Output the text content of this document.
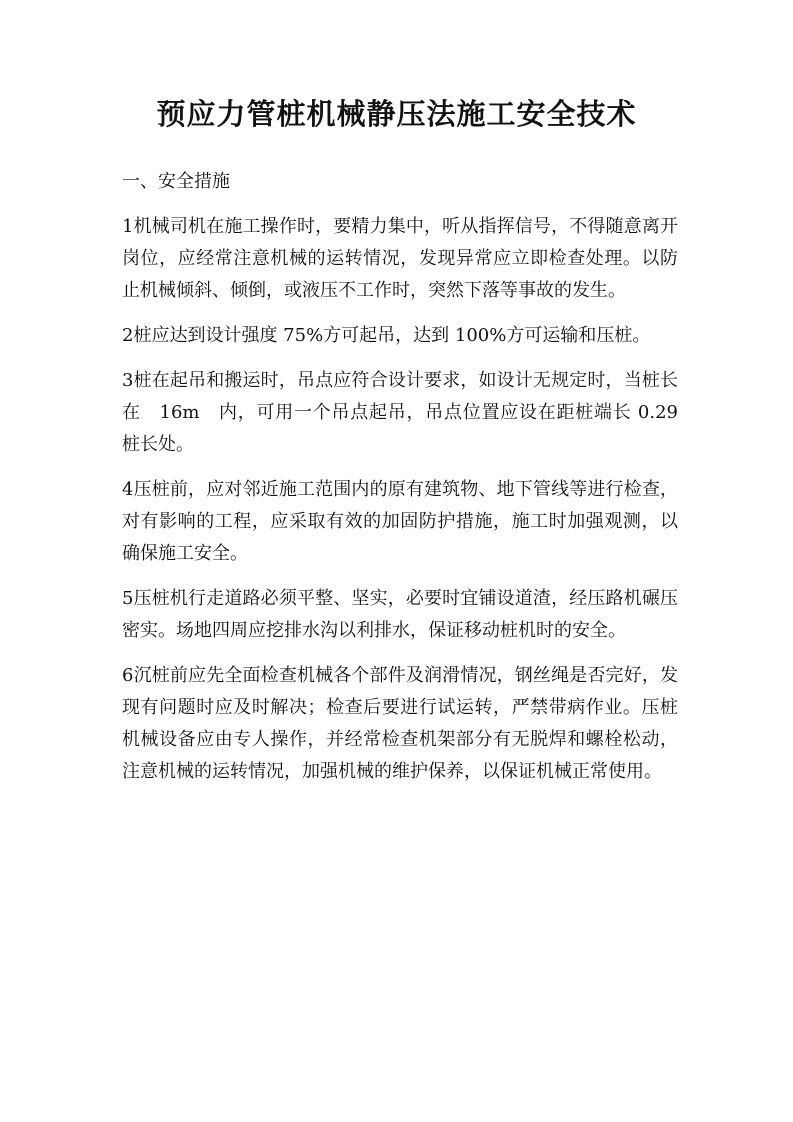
预应力管桩机械静压法施工安全技术

一、安全措施

1机械司机在施工操作时，要精力集中，听从指挥信号，不得随意离开岗位，应经常注意机械的运转情况，发现异常应立即检查处理。以防止机械倾斜、倾倒，或液压不工作时，突然下落等事故的发生。

2桩应达到设计强度 75%方可起吊，达到 100%方可运输和压桩。

3桩在起吊和搬运时，吊点应符合设计要求，如设计无规定时，当桩长在　16m　内，可用一个吊点起吊，吊点位置应设在距桩端长 0.29 桩长处。

4压桩前，应对邻近施工范围内的原有建筑物、地下管线等进行检查，对有影响的工程，应采取有效的加固防护措施，施工时加强观测，以确保施工安全。

5压桩机行走道路必须平整、坚实，必要时宜铺设道渣，经压路机碾压密实。场地四周应挖排水沟以利排水，保证移动桩机时的安全。

6沉桩前应先全面检查机械各个部件及润滑情况，钢丝绳是否完好，发现有问题时应及时解决；检查后要进行试运转，严禁带病作业。压桩机械设备应由专人操作，并经常检查机架部分有无脱焊和螺栓松动，注意机械的运转情况，加强机械的维护保养，以保证机械正常使用。
